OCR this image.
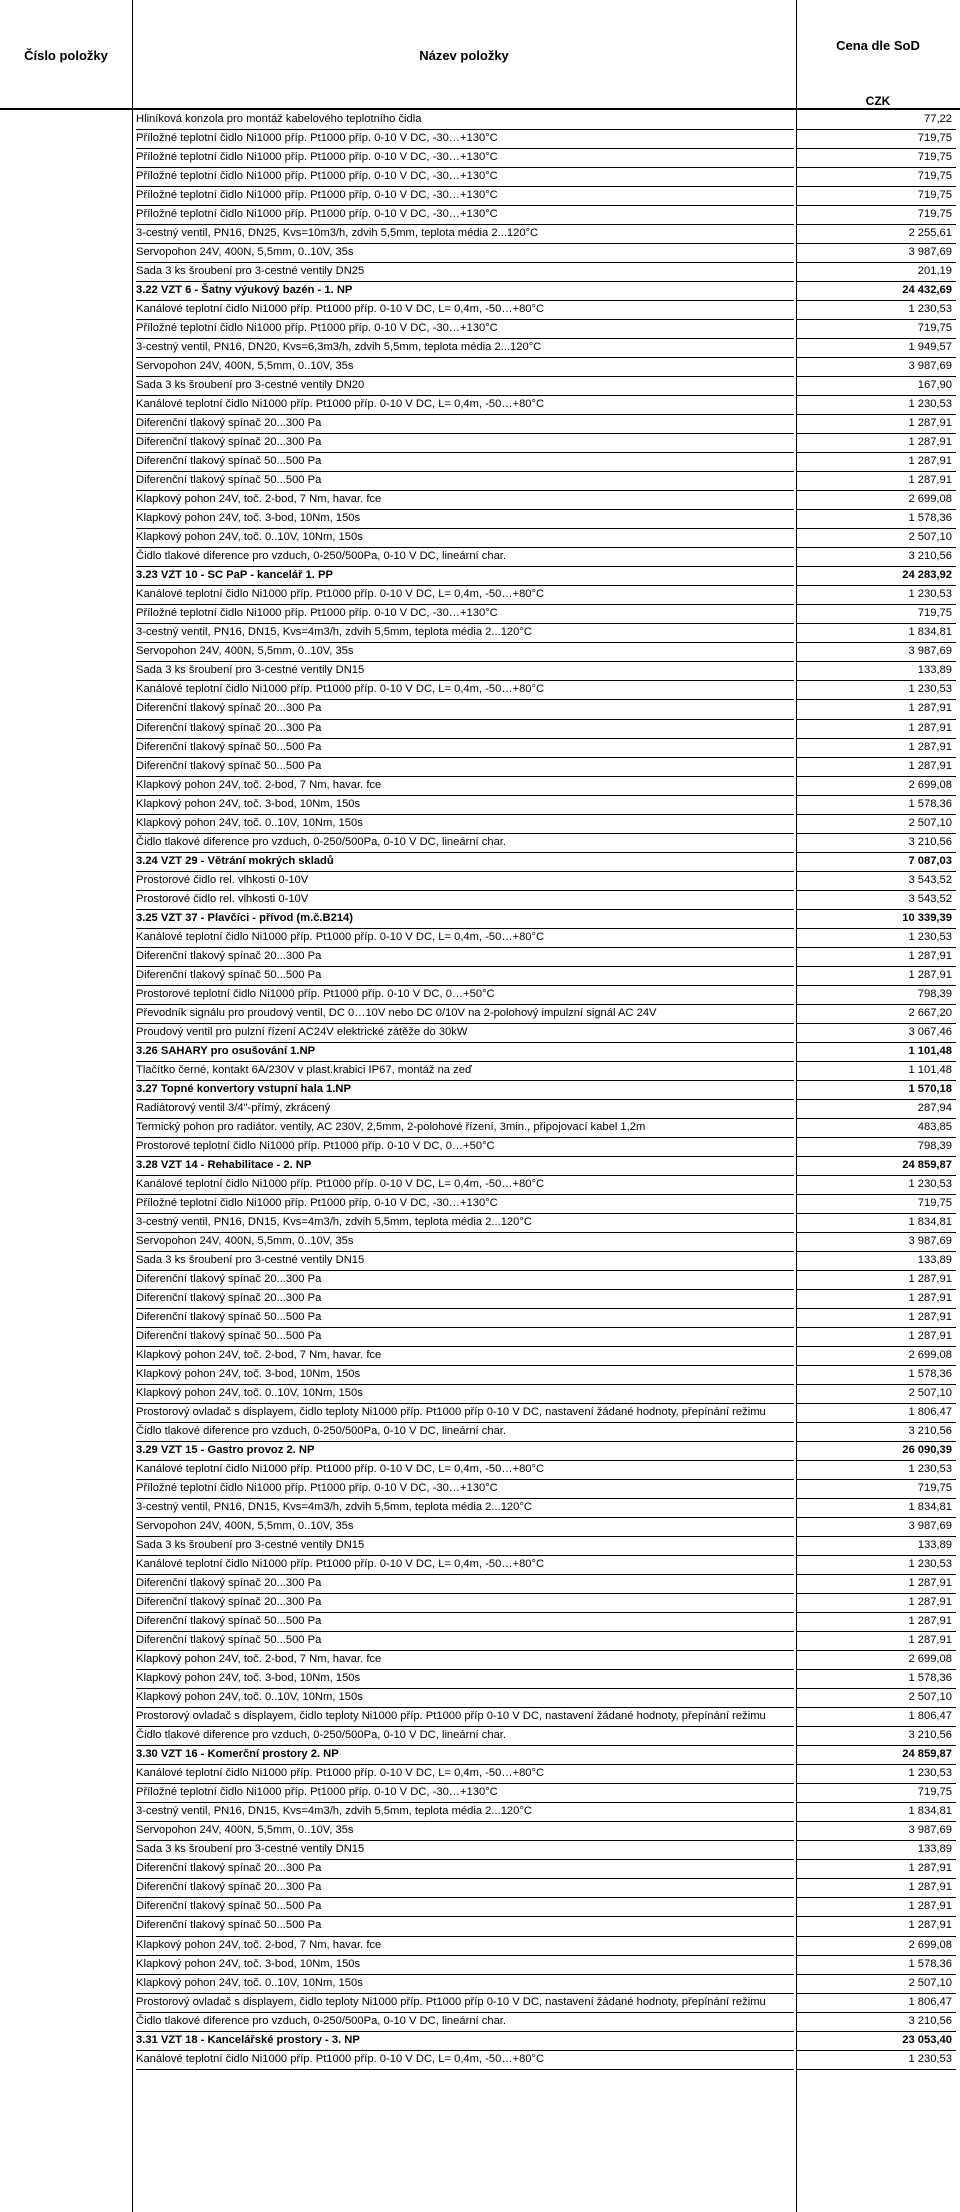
Číslo položky	Název položky
Cena dle SoD
CZK
Hliníková konzola pro montáž kabelového teplotního čidla	77,22
Příložné teplotní čidlo Ni1000 příp. Pt1000 příp. 0-10 V DC, -30…+130°C	719,75
Příložné teplotní čidlo Ni1000 příp. Pt1000 příp. 0-10 V DC, -30…+130°C	719,75
Příložné teplotní čidlo Ni1000 příp. Pt1000 příp. 0-10 V DC, -30…+130°C	719,75
Příložné teplotní čidlo Ni1000 příp. Pt1000 příp. 0-10 V DC, -30…+130°C	719,75
Příložné teplotní čidlo Ni1000 příp. Pt1000 příp. 0-10 V DC, -30…+130°C	719,75
3-cestný ventil, PN16, DN25, Kvs=10m3/h, zdvih 5,5mm, teplota média 2...120°C	2 255,61
Servopohon 24V, 400N, 5,5mm, 0..10V, 35s	3 987,69
Sada 3 ks šroubení pro 3-cestné ventily DN25	201,19
3.22 VZT 6 - Šatny výukový bazén - 1. NP	24 432,69
Kanálové teplotní čidlo Ni1000 příp. Pt1000 příp. 0-10 V DC, L= 0,4m, -50…+80°C	1 230,53
Příložné teplotní čidlo Ni1000 příp. Pt1000 příp. 0-10 V DC, -30…+130°C	719,75
3-cestný ventil, PN16, DN20, Kvs=6,3m3/h, zdvih 5,5mm, teplota média 2...120°C	1 949,57
Servopohon 24V, 400N, 5,5mm, 0..10V, 35s	3 987,69
Sada 3 ks šroubení pro 3-cestné ventily DN20	167,90
Kanálové teplotní čidlo Ni1000 příp. Pt1000 příp. 0-10 V DC, L= 0,4m, -50…+80°C	1 230,53
Diferenční tlakový spínač 20...300 Pa	1 287,91
Diferenční tlakový spínač 20...300 Pa	1 287,91
Diferenční tlakový spínač 50...500 Pa	1 287,91
Diferenční tlakový spínač 50...500 Pa	1 287,91
Klapkový pohon 24V, toč. 2-bod, 7 Nm, havar. fce	2 699,08
Klapkový pohon 24V, toč. 3-bod, 10Nm, 150s	1 578,36
Klapkový pohon 24V, toč. 0..10V, 10Nm, 150s	2 507,10
Čidlo tlakové diference pro vzduch, 0-250/500Pa, 0-10 V DC, lineární char.	3 210,56
3.23 VZT 10 - SC PaP - kancelář 1. PP	24 283,92
Kanálové teplotní čidlo Ni1000 příp. Pt1000 příp. 0-10 V DC, L= 0,4m, -50…+80°C	1 230,53
Příložné teplotní čidlo Ni1000 příp. Pt1000 příp. 0-10 V DC, -30…+130°C	719,75
3-cestný ventil, PN16, DN15, Kvs=4m3/h, zdvih 5,5mm, teplota média 2...120°C	1 834,81
Servopohon 24V, 400N, 5,5mm, 0..10V, 35s	3 987,69
Sada 3 ks šroubení pro 3-cestné ventily DN15	133,89
Kanálové teplotní čidlo Ni1000 příp. Pt1000 příp. 0-10 V DC, L= 0,4m, -50…+80°C	1 230,53
Diferenční tlakový spínač 20...300 Pa	1 287,91
Diferenční tlakový spínač 20...300 Pa	1 287,91
Diferenční tlakový spínač 50...500 Pa	1 287,91
Diferenční tlakový spínač 50...500 Pa	1 287,91
Klapkový pohon 24V, toč. 2-bod, 7 Nm, havar. fce	2 699,08
Klapkový pohon 24V, toč. 3-bod, 10Nm, 150s	1 578,36
Klapkový pohon 24V, toč. 0..10V, 10Nm, 150s	2 507,10
Čidlo tlakové diference pro vzduch, 0-250/500Pa, 0-10 V DC, lineární char.	3 210,56
3.24 VZT 29 - Větrání mokrých skladů	7 087,03
Prostorové čidlo rel. vlhkosti 0-10V	3 543,52
Prostorové čidlo rel. vlhkosti 0-10V	3 543,52
3.25 VZT 37 - Plavčíci - přívod (m.č.B214)	10 339,39
Kanálové teplotní čidlo Ni1000 příp. Pt1000 příp. 0-10 V DC, L= 0,4m, -50…+80°C	1 230,53
Diferenční tlakový spínač 20...300 Pa	1 287,91
Diferenční tlakový spínač 50...500 Pa	1 287,91
Prostorové teplotní čidlo Ni1000 příp. Pt1000 příp. 0-10 V DC, 0…+50°C	798,39
Převodník signálu pro proudový ventil, DC 0…10V nebo DC 0/10V na 2-polohový impulzní signál AC 24V	2 667,20
Proudový ventil pro pulzní řízení AC24V elektrické zátěže do 30kW	3 067,46
3.26 SAHARY pro osušování 1.NP	1 101,48
Tlačítko černé, kontakt 6A/230V v plast.krabici IP67, montáž na zeď	1 101,48
3.27 Topné konvertory vstupní hala 1.NP	1 570,18
Radiátorový ventil 3/4"-přímý, zkrácený	287,94
Termický pohon pro radiátor. ventily, AC 230V, 2,5mm, 2-polohové řízení, 3min., připojovací kabel 1,2m	483,85
Prostorové teplotní čidlo Ni1000 příp. Pt1000 příp. 0-10 V DC, 0…+50°C	798,39
3.28 VZT 14 - Rehabilitace - 2. NP	24 859,87
Kanálové teplotní čidlo Ni1000 příp. Pt1000 příp. 0-10 V DC, L= 0,4m, -50…+80°C	1 230,53
Příložné teplotní čidlo Ni1000 příp. Pt1000 příp. 0-10 V DC, -30…+130°C	719,75
3-cestný ventil, PN16, DN15, Kvs=4m3/h, zdvih 5,5mm, teplota média 2...120°C	1 834,81
Servopohon 24V, 400N, 5,5mm, 0..10V, 35s	3 987,69
Sada 3 ks šroubení pro 3-cestné ventily DN15	133,89
Diferenční tlakový spínač 20...300 Pa	1 287,91
Diferenční tlakový spínač 20...300 Pa	1 287,91
Diferenční tlakový spínač 50...500 Pa	1 287,91
Diferenční tlakový spínač 50...500 Pa	1 287,91
Klapkový pohon 24V, toč. 2-bod, 7 Nm, havar. fce	2 699,08
Klapkový pohon 24V, toč. 3-bod, 10Nm, 150s	1 578,36
Klapkový pohon 24V, toč. 0..10V, 10Nm, 150s	2 507,10
Prostorový ovladač s displayem, čidlo teploty Ni1000 příp. Pt1000 příp 0-10 V DC, nastavení žádané hodnoty, přepínání režimu	1 806,47
Čidlo tlakové diference pro vzduch, 0-250/500Pa, 0-10 V DC, lineární char.	3 210,56
3.29 VZT 15 - Gastro provoz 2. NP	26 090,39
Kanálové teplotní čidlo Ni1000 příp. Pt1000 příp. 0-10 V DC, L= 0,4m, -50…+80°C	1 230,53
Příložné teplotní čidlo Ni1000 příp. Pt1000 příp. 0-10 V DC, -30…+130°C	719,75
3-cestný ventil, PN16, DN15, Kvs=4m3/h, zdvih 5,5mm, teplota média 2...120°C	1 834,81
Servopohon 24V, 400N, 5,5mm, 0..10V, 35s	3 987,69
Sada 3 ks šroubení pro 3-cestné ventily DN15	133,89
Kanálové teplotní čidlo Ni1000 příp. Pt1000 příp. 0-10 V DC, L= 0,4m, -50…+80°C	1 230,53
Diferenční tlakový spínač 20...300 Pa	1 287,91
Diferenční tlakový spínač 20...300 Pa	1 287,91
Diferenční tlakový spínač 50...500 Pa	1 287,91
Diferenční tlakový spínač 50...500 Pa	1 287,91
Klapkový pohon 24V, toč. 2-bod, 7 Nm, havar. fce	2 699,08
Klapkový pohon 24V, toč. 3-bod, 10Nm, 150s	1 578,36
Klapkový pohon 24V, toč. 0..10V, 10Nm, 150s	2 507,10
Prostorový ovladač s displayem, čidlo teploty Ni1000 příp. Pt1000 příp 0-10 V DC, nastavení žádané hodnoty, přepínání režimu	1 806,47
Čidlo tlakové diference pro vzduch, 0-250/500Pa, 0-10 V DC, lineární char.	3 210,56
3.30 VZT 16 - Komerční prostory 2. NP	24 859,87
Kanálové teplotní čidlo Ni1000 příp. Pt1000 příp. 0-10 V DC, L= 0,4m, -50…+80°C	1 230,53
Příložné teplotní čidlo Ni1000 příp. Pt1000 příp. 0-10 V DC, -30…+130°C	719,75
3-cestný ventil, PN16, DN15, Kvs=4m3/h, zdvih 5,5mm, teplota média 2...120°C	1 834,81
Servopohon 24V, 400N, 5,5mm, 0..10V, 35s	3 987,69
Sada 3 ks šroubení pro 3-cestné ventily DN15	133,89
Diferenční tlakový spínač 20...300 Pa	1 287,91
Diferenční tlakový spínač 20...300 Pa	1 287,91
Diferenční tlakový spínač 50...500 Pa	1 287,91
Diferenční tlakový spínač 50...500 Pa	1 287,91
Klapkový pohon 24V, toč. 2-bod, 7 Nm, havar. fce	2 699,08
Klapkový pohon 24V, toč. 3-bod, 10Nm, 150s	1 578,36
Klapkový pohon 24V, toč. 0..10V, 10Nm, 150s	2 507,10
Prostorový ovladač s displayem, čidlo teploty Ni1000 příp. Pt1000 příp 0-10 V DC, nastavení žádané hodnoty, přepínání režimu	1 806,47
Čidlo tlakové diference pro vzduch, 0-250/500Pa, 0-10 V DC, lineární char.	3 210,56
3.31 VZT 18 - Kancelářské prostory - 3. NP	23 053,40
Kanálové teplotní čidlo Ni1000 příp. Pt1000 příp. 0-10 V DC, L= 0,4m, -50…+80°C	1 230,53
